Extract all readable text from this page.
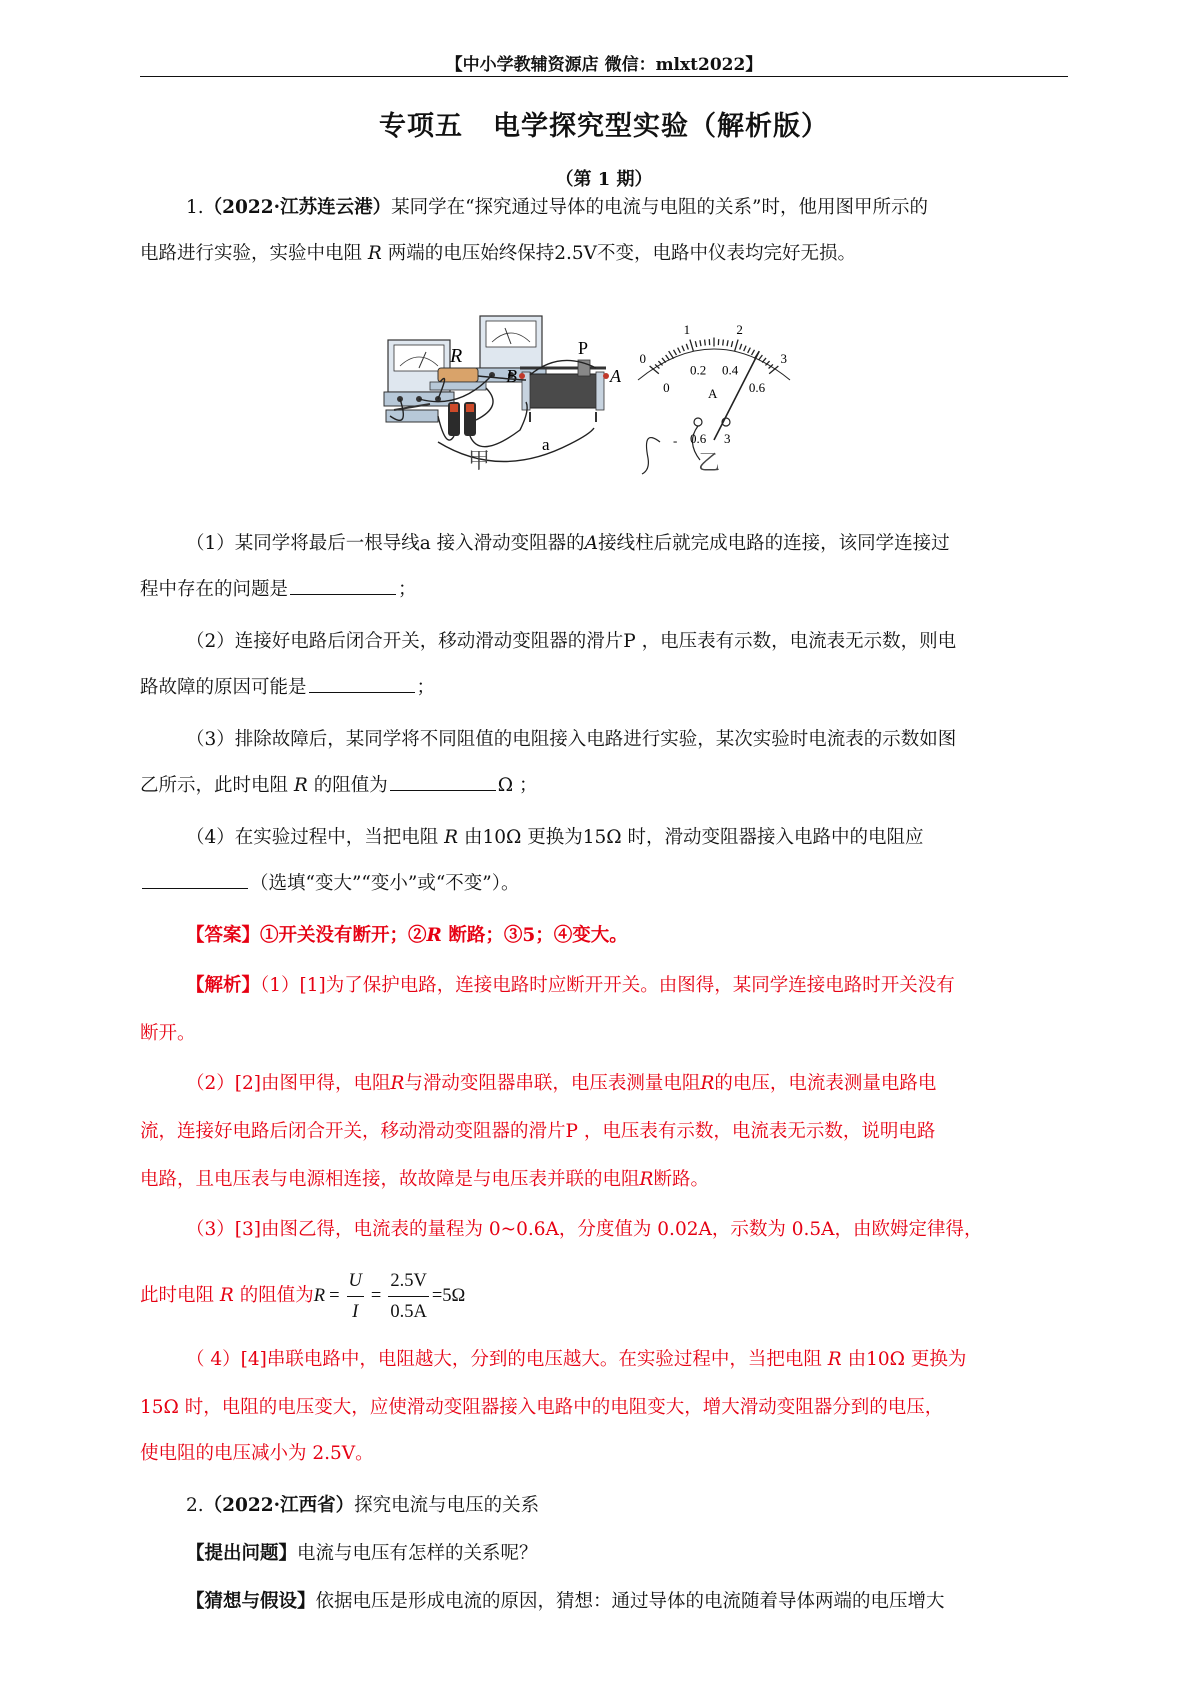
【中小学教辅资源店 微信：mlxt2022】
专项五 电学探究型实验（解析版）
（第 1 期）
1.（2022·江苏连云港）某同学在“探究通过导体的电流与电阻的关系”时，他用图甲所示的
电路进行实验，实验中电阻 R 两端的电压始终保持2.5V不变，电路中仪表均完好无损。
R
B
P
A
a
甲
0
1	2
3
0
0.2 0.4
0.6
A
- 0.6 3
乙
（1）某同学将最后一根导线a 接入滑动变阻器的A接线柱后就完成电路的连接，该同学连接过
程中存在的问题是	；
（2）连接好电路后闭合开关，移动滑动变阻器的滑片P ，电压表有示数，电流表无示数，则电
路故障的原因可能是	；
（3）排除故障后，某同学将不同阻值的电阻接入电路进行实验，某次实验时电流表的示数如图
乙所示，此时电阻 R 的阻值为	Ω ；
（4）在实验过程中，当把电阻 R 由10Ω 更换为15Ω 时，滑动变阻器接入电路中的电阻应
（选填“变大”“变小”或“不变”）。
【答案】①开关没有断开；②R 断路；③5；④变大。
【解析】（1）[1]为了保护电路，连接电路时应断开开关。由图得，某同学连接电路时开关没有
断开。
（2）[2]由图甲得，电阻R与滑动变阻器串联，电压表测量电阻R的电压，电流表测量电路电
流，连接好电路后闭合开关，移动滑动变阻器的滑片P ，电压表有示数，电流表无示数，说明电路
电路，且电压表与电源相连接，故故障是与电压表并联的电阻R断路。
（3）[3]由图乙得，电流表的量程为 0~0.6A，分度值为 0.02A，示数为 0.5A，由欧姆定律得，
此时电阻 R 的阻值为$R = \frac{U}{I} = \frac{2.5V}{0.5A} =5\Omega$
（ 4）[4]串联电路中，电阻越大，分到的电压越大。在实验过程中，当把电阻 R 由10Ω 更换为
15Ω 时，电阻的电压变大，应使滑动变阻器接入电路中的电阻变大，增大滑动变阻器分到的电压，
使电阻的电压减小为 2.5V。
2.（2022·江西省）探究电流与电压的关系
【提出问题】电流与电压有怎样的关系呢？
【猜想与假设】依据电压是形成电流的原因，猜想：通过导体的电流随着导体两端的电压增大
